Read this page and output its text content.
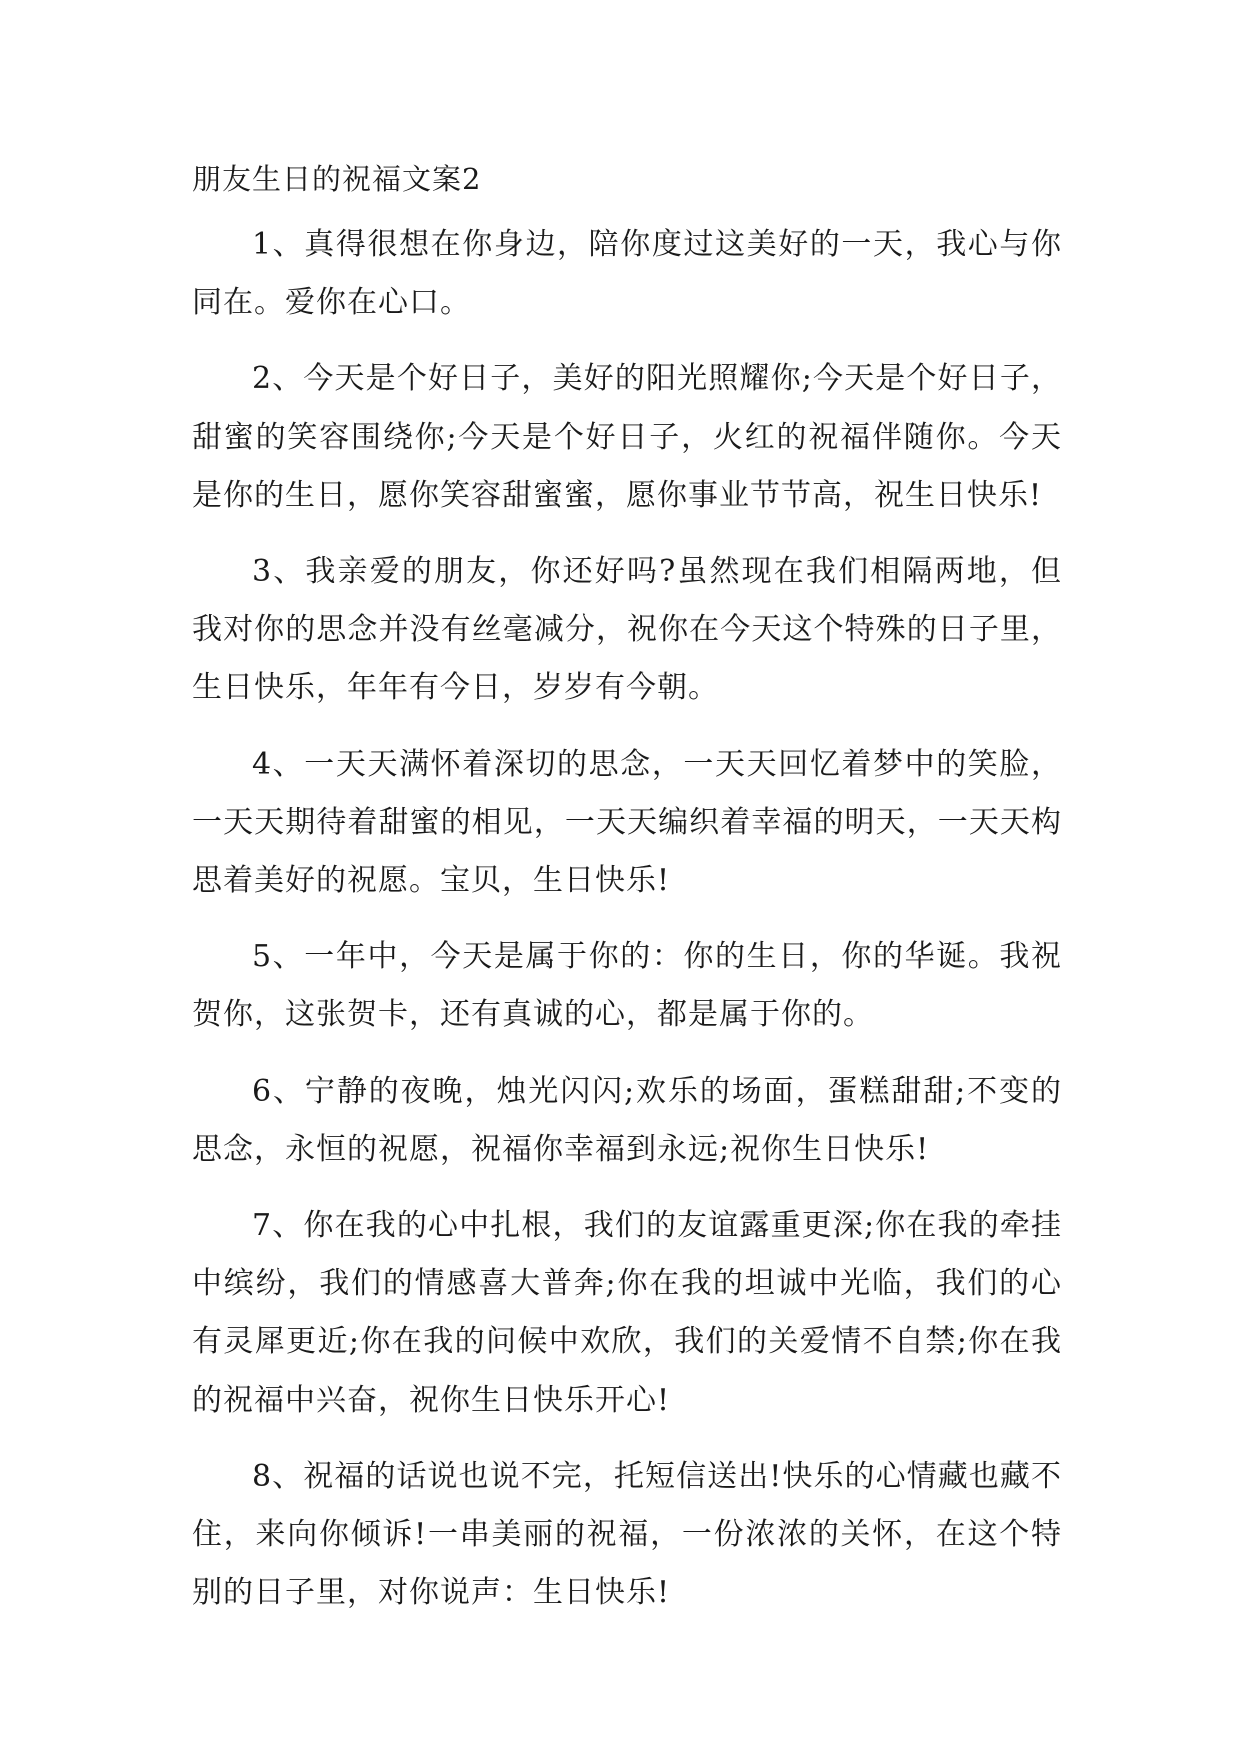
朋友生日的祝福文案2

1、真得很想在你身边，陪你度过这美好的一天，我心与你同在。爱你在心口。

2、今天是个好日子，美好的阳光照耀你;今天是个好日子，甜蜜的笑容围绕你;今天是个好日子，火红的祝福伴随你。今天是你的生日，愿你笑容甜蜜蜜，愿你事业节节高，祝生日快乐!

3、我亲爱的朋友，你还好吗?虽然现在我们相隔两地，但我对你的思念并没有丝毫减分，祝你在今天这个特殊的日子里，生日快乐，年年有今日，岁岁有今朝。

4、一天天满怀着深切的思念，一天天回忆着梦中的笑脸，一天天期待着甜蜜的相见，一天天编织着幸福的明天，一天天构思着美好的祝愿。宝贝，生日快乐!

5、一年中，今天是属于你的：你的生日，你的华诞。我祝贺你，这张贺卡，还有真诚的心，都是属于你的。

6、宁静的夜晚，烛光闪闪;欢乐的场面，蛋糕甜甜;不变的思念，永恒的祝愿，祝福你幸福到永远;祝你生日快乐!

7、你在我的心中扎根，我们的友谊露重更深;你在我的牵挂中缤纷，我们的情感喜大普奔;你在我的坦诚中光临，我们的心有灵犀更近;你在我的问候中欢欣，我们的关爱情不自禁;你在我的祝福中兴奋，祝你生日快乐开心!

8、祝福的话说也说不完，托短信送出!快乐的心情藏也藏不住，来向你倾诉!一串美丽的祝福，一份浓浓的关怀，在这个特别的日子里，对你说声：生日快乐!
